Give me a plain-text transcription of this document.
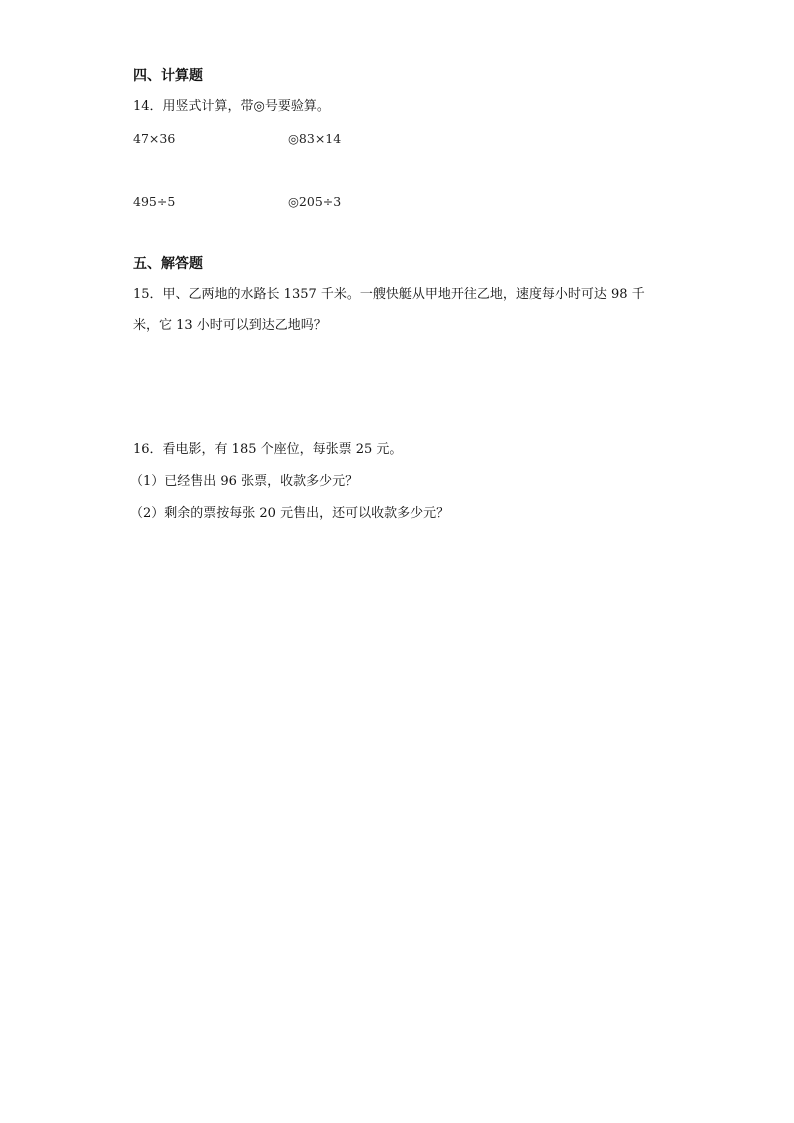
四、计算题
14．用竖式计算，带◎号要验算。
47×36	◎83×14
495÷5	◎205÷3
五、解答题
15．甲、乙两地的水路长 1357 千米。一艘快艇从甲地开往乙地，速度每小时可达 98 千
米，它 13 小时可以到达乙地吗？
16．看电影，有 185 个座位，每张票 25 元。
（1）已经售出 96 张票，收款多少元？
（2）剩余的票按每张 20 元售出，还可以收款多少元？
